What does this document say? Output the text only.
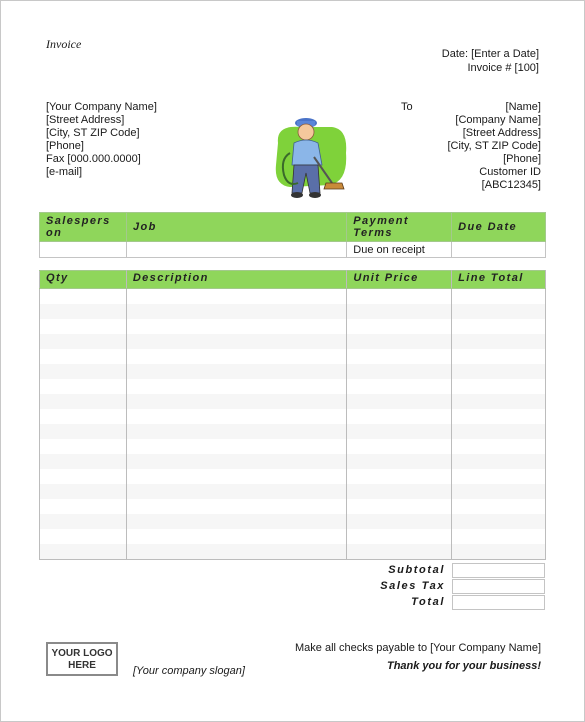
Invoice
Date: [Enter a Date]
Invoice # [100]
[Your Company Name]
[Street Address]
[City, ST ZIP Code]
[Phone]
Fax [000.000.0000]
[e-mail]
To	[Name]
[Company Name]
[Street Address]
[City, ST ZIP Code]
[Phone]
Customer ID
[ABC12345]
Salespers on	Job	Payment Terms	Due Date
		Due on receipt	
Qty	Description	Unit Price	Line Total

Subtotal
Sales Tax
Total
YOUR LOGO HERE	[Your company slogan]
Make all checks payable to [Your Company Name]
Thank you for your business!
